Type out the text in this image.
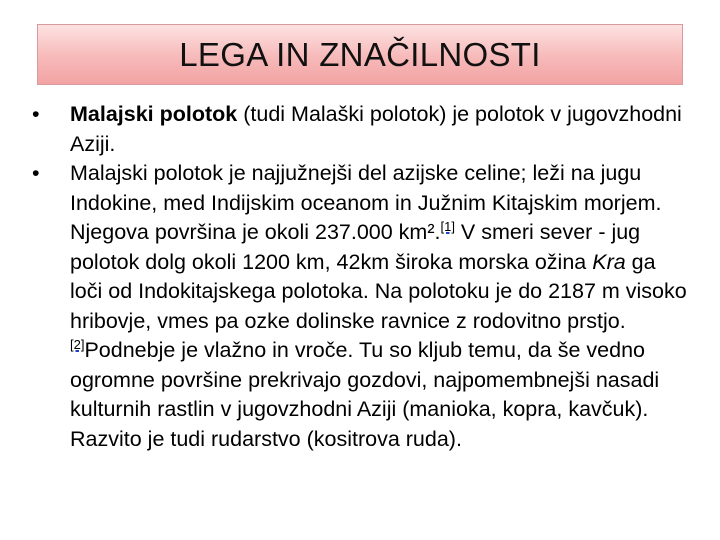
LEGA IN ZNAČILNOSTI
Malajski polotok (tudi Malaški polotok) je polotok v jugovzhodni Aziji.
Malajski polotok je najjužnejši del azijske celine; leži na jugu Indokine, med Indijskim oceanom in Južnim Kitajskim morjem. Njegova površina je okoli 237.000 km².[1] V smeri sever - jug polotok dolg okoli 1200 km, 42km široka morska ožina Kra ga loči od Indokitajskega polotoka. Na polotoku je do 2187 m visoko hribovje, vmes pa ozke dolinske ravnice z rodovitno prstjo.[2]Podnebje je vlažno in vroče. Tu so kljub temu, da še vedno ogromne površine prekrivajo gozdovi, najpomembnejši nasadi kulturnih rastlin v jugovzhodni Aziji (manioka, kopra, kavčuk). Razvito je tudi rudarstvo (kositrova ruda).
